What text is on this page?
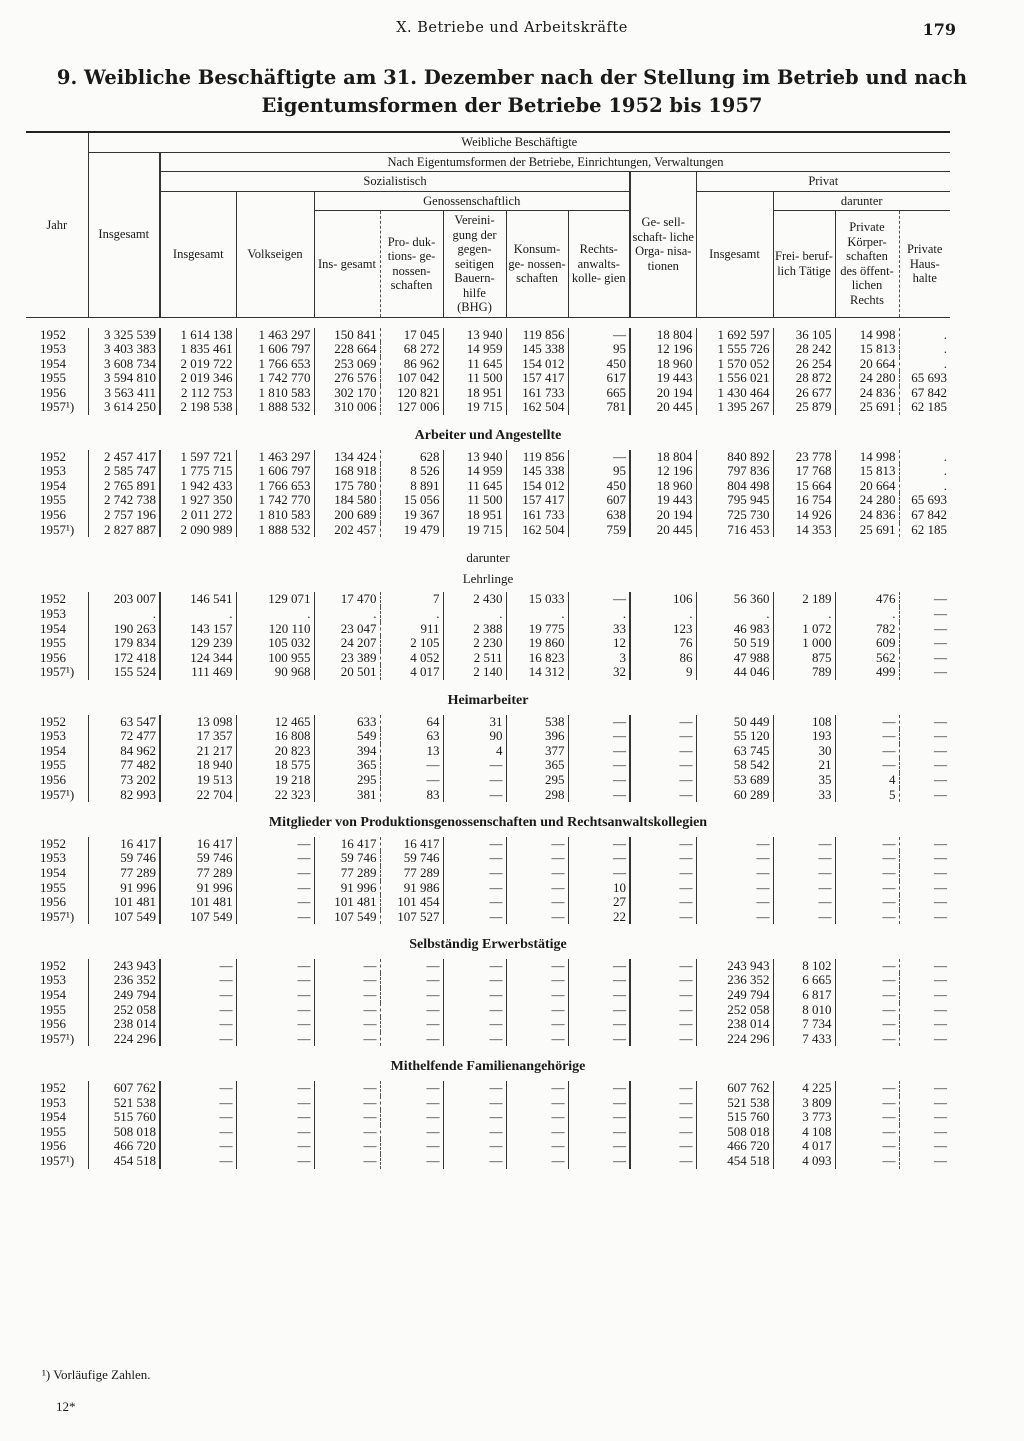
X. Betriebe und Arbeitskräfte	179
9. Weibliche Beschäftigte am 31. Dezember nach der Stellung im Betrieb und nach
Eigentumsformen der Betriebe 1952 bis 1957

Jahr	Weibliche Beschäftigte												
	Insgesamt	Nach Eigentumsformen der Betriebe, Einrichtungen, Verwaltungen											
		Sozialistisch							Ge- sell- schaft- liche Orga- nisa- tionen	Privat			
		Insgesamt	Volkseigen	Genossenschaftlich						Insgesamt	darunter		
				Ins- gesamt	Pro- duk- tions- ge- nossen- schaften	Vereini- gung der gegen- seitigen Bauern- hilfe (BHG)	Konsum- ge- nossen- schaften	Rechts- anwalts- kolle- gien			Frei- beruf- lich Tätige	Private Körper- schaften des öffent- lichen Rechts	Private Haus- halte

1952	3 325 539	1 614 138	1 463 297	150 841	17 045	13 940	119 856	—	18 804	1 692 597	36 105	14 998	.
1953	3 403 383	1 835 461	1 606 797	228 664	68 272	14 959	145 338	95	12 196	1 555 726	28 242	15 813	.
1954	3 608 734	2 019 722	1 766 653	253 069	86 962	11 645	154 012	450	18 960	1 570 052	26 254	20 664	.
1955	3 594 810	2 019 346	1 742 770	276 576	107 042	11 500	157 417	617	19 443	1 556 021	28 872	24 280	65 693
1956	3 563 411	2 112 753	1 810 583	302 170	120 821	18 951	161 733	665	20 194	1 430 464	26 677	24 836	67 842
1957¹)	3 614 250	2 198 538	1 888 532	310 006	127 006	19 715	162 504	781	20 445	1 395 267	25 879	25 691	62 185
Arbeiter und Angestellte													
1952	2 457 417	1 597 721	1 463 297	134 424	628	13 940	119 856	—	18 804	840 892	23 778	14 998	.
1953	2 585 747	1 775 715	1 606 797	168 918	8 526	14 959	145 338	95	12 196	797 836	17 768	15 813	.
1954	2 765 891	1 942 433	1 766 653	175 780	8 891	11 645	154 012	450	18 960	804 498	15 664	20 664	.
1955	2 742 738	1 927 350	1 742 770	184 580	15 056	11 500	157 417	607	19 443	795 945	16 754	24 280	65 693
1956	2 757 196	2 011 272	1 810 583	200 689	19 367	18 951	161 733	638	20 194	725 730	14 926	24 836	67 842
1957¹)	2 827 887	2 090 989	1 888 532	202 457	19 479	19 715	162 504	759	20 445	716 453	14 353	25 691	62 185
darunter													
Lehrlinge													
1952	203 007	146 541	129 071	17 470	7	2 430	15 033	—	106	56 360	2 189	476	—
1953	.	.	.	.	.	.	.	.	.	.	.	.	—
1954	190 263	143 157	120 110	23 047	911	2 388	19 775	33	123	46 983	1 072	782	—
1955	179 834	129 239	105 032	24 207	2 105	2 230	19 860	12	76	50 519	1 000	609	—
1956	172 418	124 344	100 955	23 389	4 052	2 511	16 823	3	86	47 988	875	562	—
1957¹)	155 524	111 469	90 968	20 501	4 017	2 140	14 312	32	9	44 046	789	499	—
Heimarbeiter													
1952	63 547	13 098	12 465	633	64	31	538	—	—	50 449	108	—	—
1953	72 477	17 357	16 808	549	63	90	396	—	—	55 120	193	—	—
1954	84 962	21 217	20 823	394	13	4	377	—	—	63 745	30	—	—
1955	77 482	18 940	18 575	365	—	—	365	—	—	58 542	21	—	—
1956	73 202	19 513	19 218	295	—	—	295	—	—	53 689	35	4	—
1957¹)	82 993	22 704	22 323	381	83	—	298	—	—	60 289	33	5	—
Mitglieder von Produktionsgenossenschaften und Rechtsanwaltskollegien													
1952	16 417	16 417	—	16 417	16 417	—	—	—	—	—	—	—	—
1953	59 746	59 746	—	59 746	59 746	—	—	—	—	—	—	—	—
1954	77 289	77 289	—	77 289	77 289	—	—	—	—	—	—	—	—
1955	91 996	91 996	—	91 996	91 986	—	—	10	—	—	—	—	—
1956	101 481	101 481	—	101 481	101 454	—	—	27	—	—	—	—	—
1957¹)	107 549	107 549	—	107 549	107 527	—	—	22	—	—	—	—	—
Selbständig Erwerbstätige													
1952	243 943	—	—	—	—	—	—	—	—	243 943	8 102	—	—
1953	236 352	—	—	—	—	—	—	—	—	236 352	6 665	—	—
1954	249 794	—	—	—	—	—	—	—	—	249 794	6 817	—	—
1955	252 058	—	—	—	—	—	—	—	—	252 058	8 010	—	—
1956	238 014	—	—	—	—	—	—	—	—	238 014	7 734	—	—
1957¹)	224 296	—	—	—	—	—	—	—	—	224 296	7 433	—	—
Mithelfende Familienangehörige													
1952	607 762	—	—	—	—	—	—	—	—	607 762	4 225	—	—
1953	521 538	—	—	—	—	—	—	—	—	521 538	3 809	—	—
1954	515 760	—	—	—	—	—	—	—	—	515 760	3 773	—	—
1955	508 018	—	—	—	—	—	—	—	—	508 018	4 108	—	—
1956	466 720	—	—	—	—	—	—	—	—	466 720	4 017	—	—
1957¹)	454 518	—	—	—	—	—	—	—	—	454 518	4 093	—	—
¹) Vorläufige Zahlen.
12*
